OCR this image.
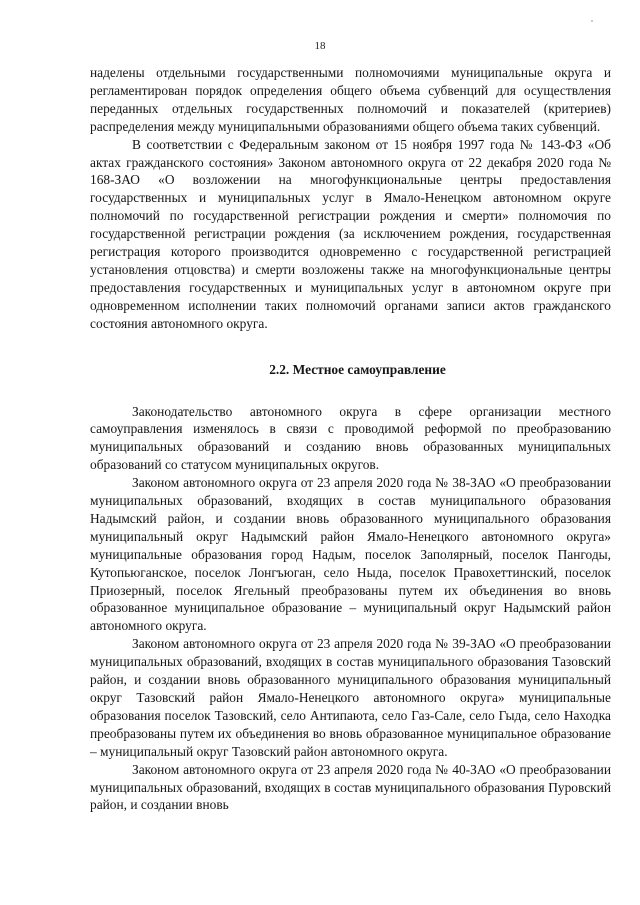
18

наделены отдельными государственными полномочиями муниципальные округа и регламентирован порядок определения общего объема субвенций для осуществления переданных отдельных государственных полномочий и показателей (критериев) распределения между муниципальными образованиями общего объема таких субвенций.

В соответствии с Федеральным законом от 15 ноября 1997 года № 143-ФЗ «Об актах гражданского состояния» Законом автономного округа от 22 декабря 2020 года № 168-ЗАО «О возложении на многофункциональные центры предоставления государственных и муниципальных услуг в Ямало-Ненецком автономном округе полномочий по государственной регистрации рождения и смерти» полномочия по государственной регистрации рождения (за исключением рождения, государственная регистрация которого производится одновременно с государственной регистрацией установления отцовства) и смерти возложены также на многофункциональные центры предоставления государственных и муниципальных услуг в автономном округе при одновременном исполнении таких полномочий органами записи актов гражданского состояния автономного округа.

2.2. Местное самоуправление

Законодательство автономного округа в сфере организации местного самоуправления изменялось в связи с проводимой реформой по преобразованию муниципальных образований и созданию вновь образованных муниципальных образований со статусом муниципальных округов.

Законом автономного округа от 23 апреля 2020 года № 38-ЗАО «О преобразовании муниципальных образований, входящих в состав муниципального образования Надымский район, и создании вновь образованного муниципального образования муниципальный округ Надымский район Ямало-Ненецкого автономного округа» муниципальные образования город Надым, поселок Заполярный, поселок Пангоды, Кутопьюганское, поселок Лонгъюган, село Ныда, поселок Правохеттинский, поселок Приозерный, поселок Ягельный преобразованы путем их объединения во вновь образованное муниципальное образование – муниципальный округ Надымский район автономного округа.

Законом автономного округа от 23 апреля 2020 года № 39-ЗАО «О преобразовании муниципальных образований, входящих в состав муниципального образования Тазовский район, и создании вновь образованного муниципального образования муниципальный округ Тазовский район Ямало-Ненецкого автономного округа» муниципальные образования поселок Тазовский, село Антипаюта, село Газ-Сале, село Гыда, село Находка преобразованы путем их объединения во вновь образованное муниципальное образование – муниципальный округ Тазовский район автономного округа.

Законом автономного округа от 23 апреля 2020 года № 40-ЗАО «О преобразовании муниципальных образований, входящих в состав муниципального образования Пуровский район, и создании вновь
